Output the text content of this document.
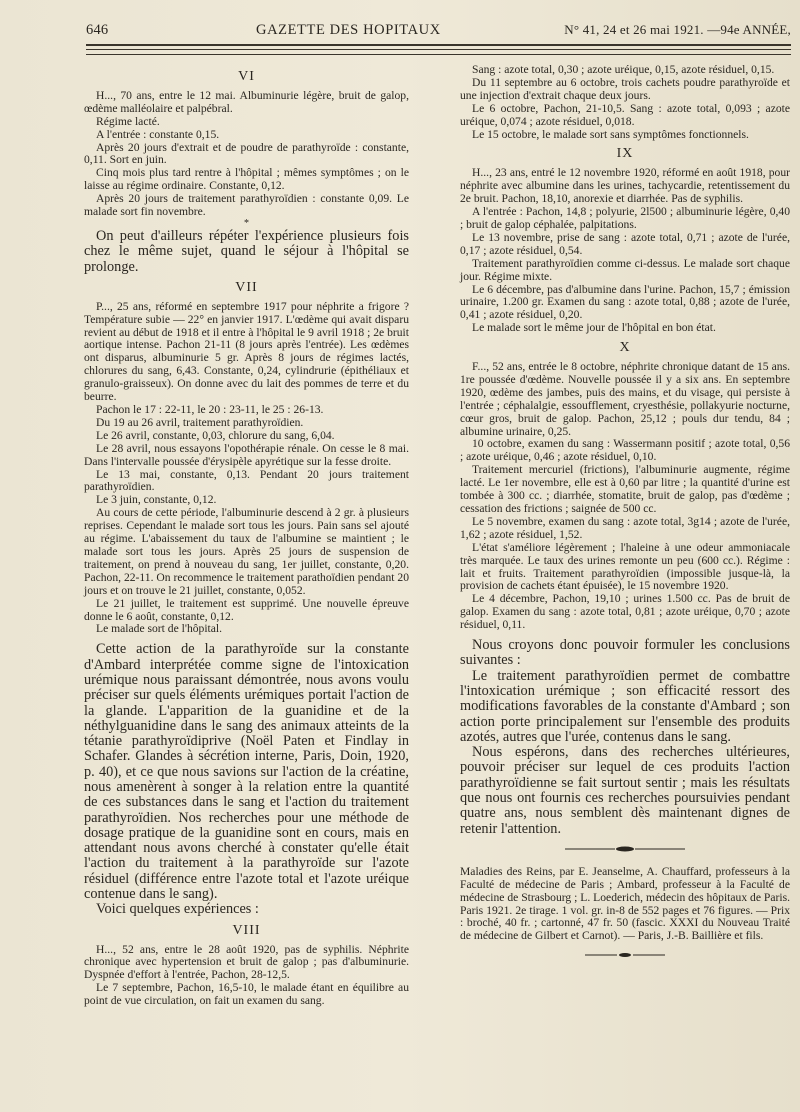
646	GAZETTE DES HOPITAUX	N° 41, 24 et 26 mai 1921. —94e ANNÉE,
VI

H..., 70 ans, entre le 12 mai. Albuminurie légère, bruit de galop, œdème malléolaire et palpébral.

Régime lacté.

A l'entrée : constante 0,15.

Après 20 jours d'extrait et de poudre de parathyroïde : constante, 0,11. Sort en juin.

Cinq mois plus tard rentre à l'hôpital ; mêmes symptômes ; on le laisse au régime ordinaire. Constante, 0,12.

Après 20 jours de traitement parathyroïdien : constante 0,09. Le malade sort fin novembre.

*

On peut d'ailleurs répéter l'expérience plusieurs fois chez le même sujet, quand le séjour à l'hôpital se prolonge.

VII

P..., 25 ans, réformé en septembre 1917 pour néphrite a frigore ? Température subie — 22° en janvier 1917. L'œdème qui avait disparu revient au début de 1918 et il entre à l'hôpital le 9 avril 1918 ; 2e bruit aortique intense. Pachon 21-11 (8 jours après l'entrée). Les œdèmes ont disparus, albuminurie 5 gr. Après 8 jours de régimes lactés, chlorures du sang, 6,43. Constante, 0,24, cylindrurie (épithéliaux et granulo-graisseux). On donne avec du lait des pommes de terre et du beurre.

Pachon le 17 : 22-11, le 20 : 23-11, le 25 : 26-13.

Du 19 au 26 avril, traitement parathyroïdien.

Le 26 avril, constante, 0,03, chlorure du sang, 6,04.

Le 28 avril, nous essayons l'opothérapie rénale. On cesse le 8 mai. Dans l'intervalle poussée d'érysipèle apyrétique sur la fesse droite.

Le 13 mai, constante, 0,13. Pendant 20 jours traitement parathyroïdien.

Le 3 juin, constante, 0,12.

Au cours de cette période, l'albuminurie descend à 2 gr. à plusieurs reprises. Cependant le malade sort tous les jours. Pain sans sel ajouté au régime. L'abaissement du taux de l'albumine se maintient ; le malade sort tous les jours. Après 25 jours de suspension de traitement, on prend à nouveau du sang, 1er juillet, constante, 0,20. Pachon, 22-11. On recommence le traitement parathoïdien pendant 20 jours et on trouve le 21 juillet, constante, 0,052.

Le 21 juillet, le traitement est supprimé. Une nouvelle épreuve donne le 6 août, constante, 0,12.

Le malade sort de l'hôpital.

Cette action de la parathyroïde sur la constante d'Ambard interprétée comme signe de l'intoxication urémique nous paraissant démontrée, nous avons voulu préciser sur quels éléments urémiques portait l'action de la glande. L'apparition de la guanidine et de la néthylguanidine dans le sang des animaux atteints de la tétanie parathyroïdiprive (Noël Paten et Findlay in Schafer. Glandes à sécrétion interne, Paris, Doin, 1920, p. 40), et ce que nous savions sur l'action de la créatine, nous amenèrent à songer à la relation entre la quantité de ces substances dans le sang et l'action du traitement parathyroïdien. Nos recherches pour une méthode de dosage pratique de la guanidine sont en cours, mais en attendant nous avons cherché à constater qu'elle était l'action du traitement à la parathyroïde sur l'azote résiduel (différence entre l'azote total et l'azote uréique contenue dans le sang).

Voici quelques expériences :

VIII

H..., 52 ans, entre le 28 août 1920, pas de syphilis. Néphrite chronique avec hypertension et bruit de galop ; pas d'albuminurie. Dyspnée d'effort à l'entrée, Pachon, 28-12,5.

Le 7 septembre, Pachon, 16,5-10, le malade étant en équilibre au point de vue circulation, on fait un examen du sang.

Sang : azote total, 0,30 ; azote uréique, 0,15, azote résiduel, 0,15.

Du 11 septembre au 6 octobre, trois cachets poudre parathyroïde et une injection d'extrait chaque deux jours.

Le 6 octobre, Pachon, 21-10,5. Sang : azote total, 0,093 ; azote uréique, 0,074 ; azote résiduel, 0,018.

Le 15 octobre, le malade sort sans symptômes fonctionnels.

IX

H..., 23 ans, entré le 12 novembre 1920, réformé en août 1918, pour néphrite avec albumine dans les urines, tachycardie, retentissement du 2e bruit. Pachon, 18,10, anorexie et diarrhée. Pas de syphilis.

A l'entrée : Pachon, 14,8 ; polyurie, 2l500 ; albuminurie légère, 0,40 ; bruit de galop céphalée, palpitations.

Le 13 novembre, prise de sang : azote total, 0,71 ; azote de l'urée, 0,17 ; azote résiduel, 0,54.

Traitement parathyroïdien comme ci-dessus. Le malade sort chaque jour. Régime mixte.

Le 6 décembre, pas d'albumine dans l'urine. Pachon, 15,7 ; émission urinaire, 1.200 gr. Examen du sang : azote total, 0,88 ; azote de l'urée, 0,41 ; azote résiduel, 0,20.

Le malade sort le même jour de l'hôpital en bon état.

X

F..., 52 ans, entrée le 8 octobre, néphrite chronique datant de 15 ans. 1re poussée d'œdème. Nouvelle poussée il y a six ans. En septembre 1920, œdème des jambes, puis des mains, et du visage, qui persiste à l'entrée ; céphalalgie, essoufflement, cryesthésie, pollakyurie nocturne, cœur gros, bruit de galop. Pachon, 25,12 ; pouls dur tendu, 84 ; albumine urinaire, 0,25.

10 octobre, examen du sang : Wassermann positif ; azote total, 0,56 ; azote uréique, 0,46 ; azote résiduel, 0,10.

Traitement mercuriel (frictions), l'albuminurie augmente, régime lacté. Le 1er novembre, elle est à 0,60 par litre ; la quantité d'urine est tombée à 300 cc. ; diarrhée, stomatite, bruit de galop, pas d'œdème ; cessation des frictions ; saignée de 500 cc.

Le 5 novembre, examen du sang : azote total, 3g14 ; azote de l'urée, 1,62 ; azote résiduel, 1,52.

L'état s'améliore légèrement ; l'haleine à une odeur ammoniacale très marquée. Le taux des urines remonte un peu (600 cc.). Régime : lait et fruits. Traitement parathyroïdien (impossible jusque-là, la provision de cachets étant épuisée), le 15 novembre 1920.

Le 4 décembre, Pachon, 19,10 ; urines 1.500 cc. Pas de bruit de galop. Examen du sang : azote total, 0,81 ; azote uréique, 0,70 ; azote résiduel, 0,11.

Nous croyons donc pouvoir formuler les conclusions suivantes :

Le traitement parathyroïdien permet de combattre l'intoxication urémique ; son efficacité ressort des modifications favorables de la constante d'Ambard ; son action porte principalement sur l'ensemble des produits azotés, autres que l'urée, contenus dans le sang.

Nous espérons, dans des recherches ultérieures, pouvoir préciser sur lequel de ces produits l'action parathyroïdienne se fait surtout sentir ; mais les résultats que nous ont fournis ces recherches poursuivies pendant quatre ans, nous semblent dès maintenant dignes de retenir l'attention.

Maladies des Reins, par E. Jeanselme, A. Chauffard, professeurs à la Faculté de médecine de Paris ; Ambard, professeur à la Faculté de médecine de Strasbourg ; L. Loederich, médecin des hôpitaux de Paris. Paris 1921. 2e tirage. 1 vol. gr. in-8 de 552 pages et 76 figures. — Prix : broché, 40 fr. ; cartonné, 47 fr. 50 (fascic. XXXI du Nouveau Traité de médecine de Gilbert et Carnot). — Paris, J.-B. Baillière et fils.
